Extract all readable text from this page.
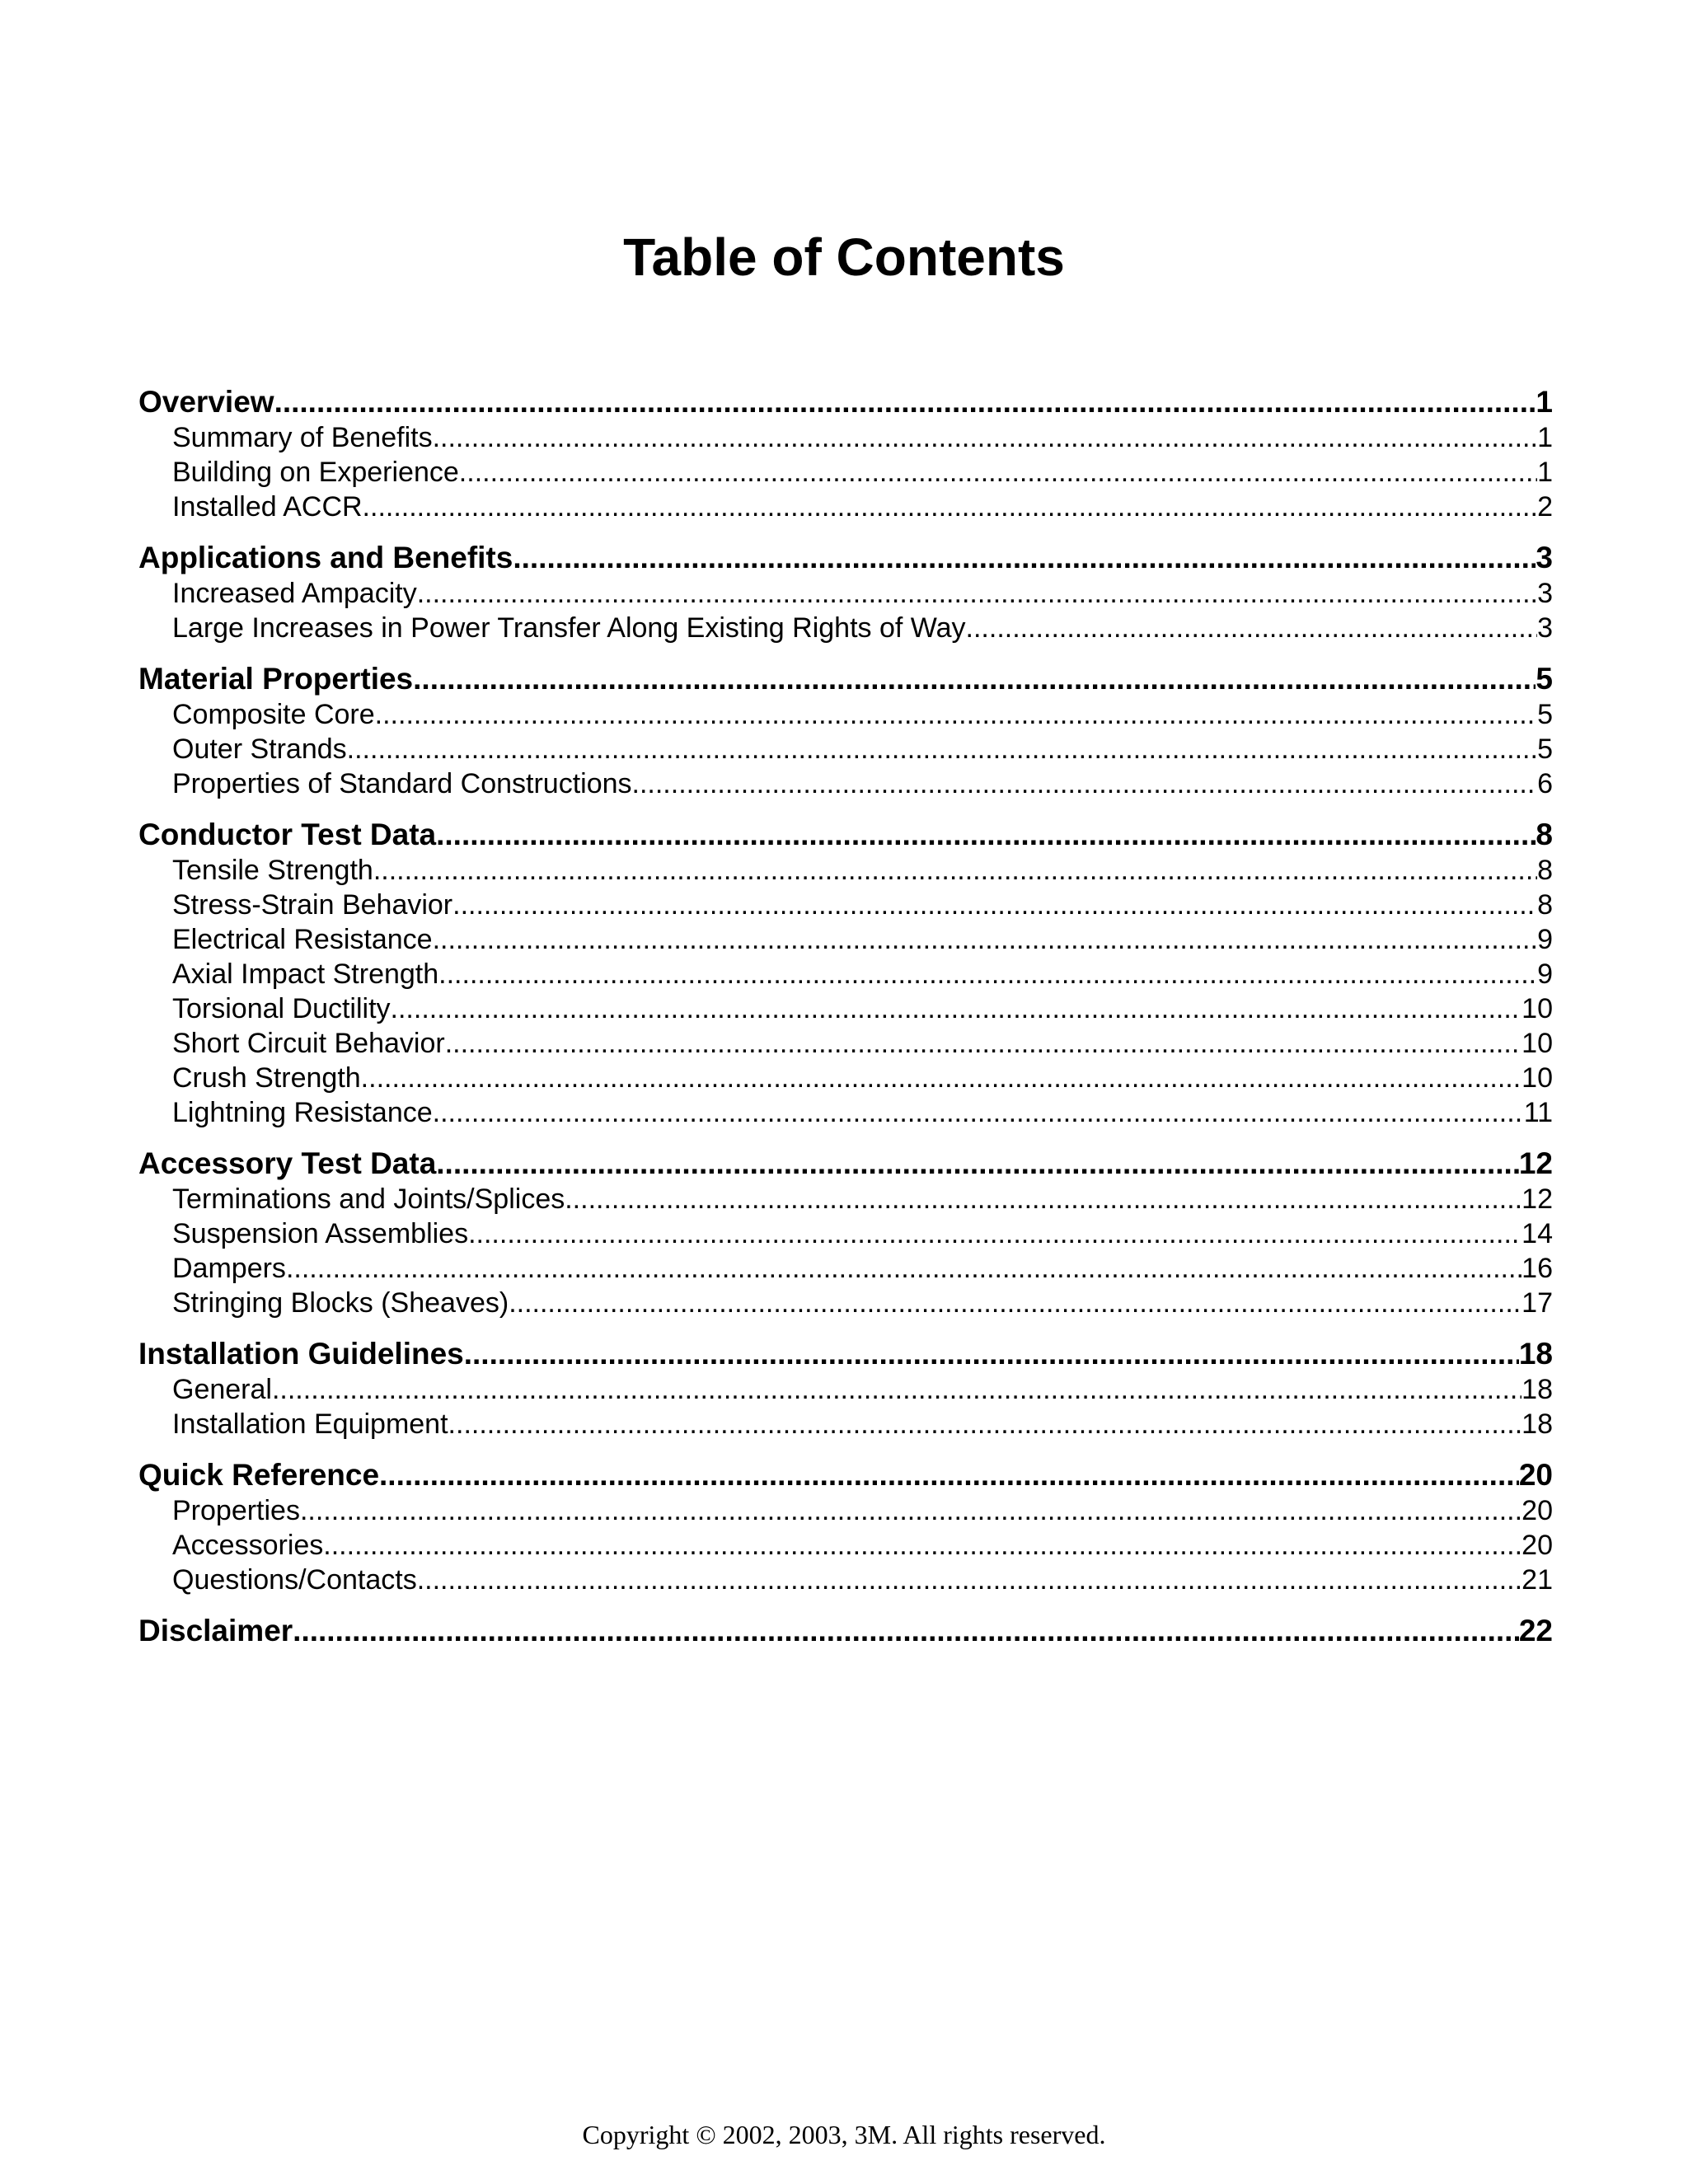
Table of Contents
Overview .....	1
Summary of Benefits .....	1
Building on Experience .....	1
Installed ACCR .....	2
Applications and Benefits .....	3
Increased Ampacity .....	3
Large Increases in Power Transfer Along Existing Rights of Way .....	3
Material Properties .....	5
Composite Core .....	5
Outer Strands .....	5
Properties of Standard Constructions .....	6
Conductor Test Data .....	8
Tensile Strength .....	8
Stress-Strain Behavior .....	8
Electrical Resistance .....	9
Axial Impact Strength .....	9
Torsional Ductility .....	10
Short Circuit Behavior .....	10
Crush Strength .....	10
Lightning Resistance .....	11
Accessory Test Data .....	12
Terminations and Joints/Splices .....	12
Suspension Assemblies .....	14
Dampers .....	16
Stringing Blocks (Sheaves) .....	17
Installation Guidelines .....	18
General .....	18
Installation Equipment .....	18
Quick Reference .....	20
Properties .....	20
Accessories .....	20
Questions/Contacts .....	21
Disclaimer .....	22
Copyright © 2002, 2003, 3M. All rights reserved.
